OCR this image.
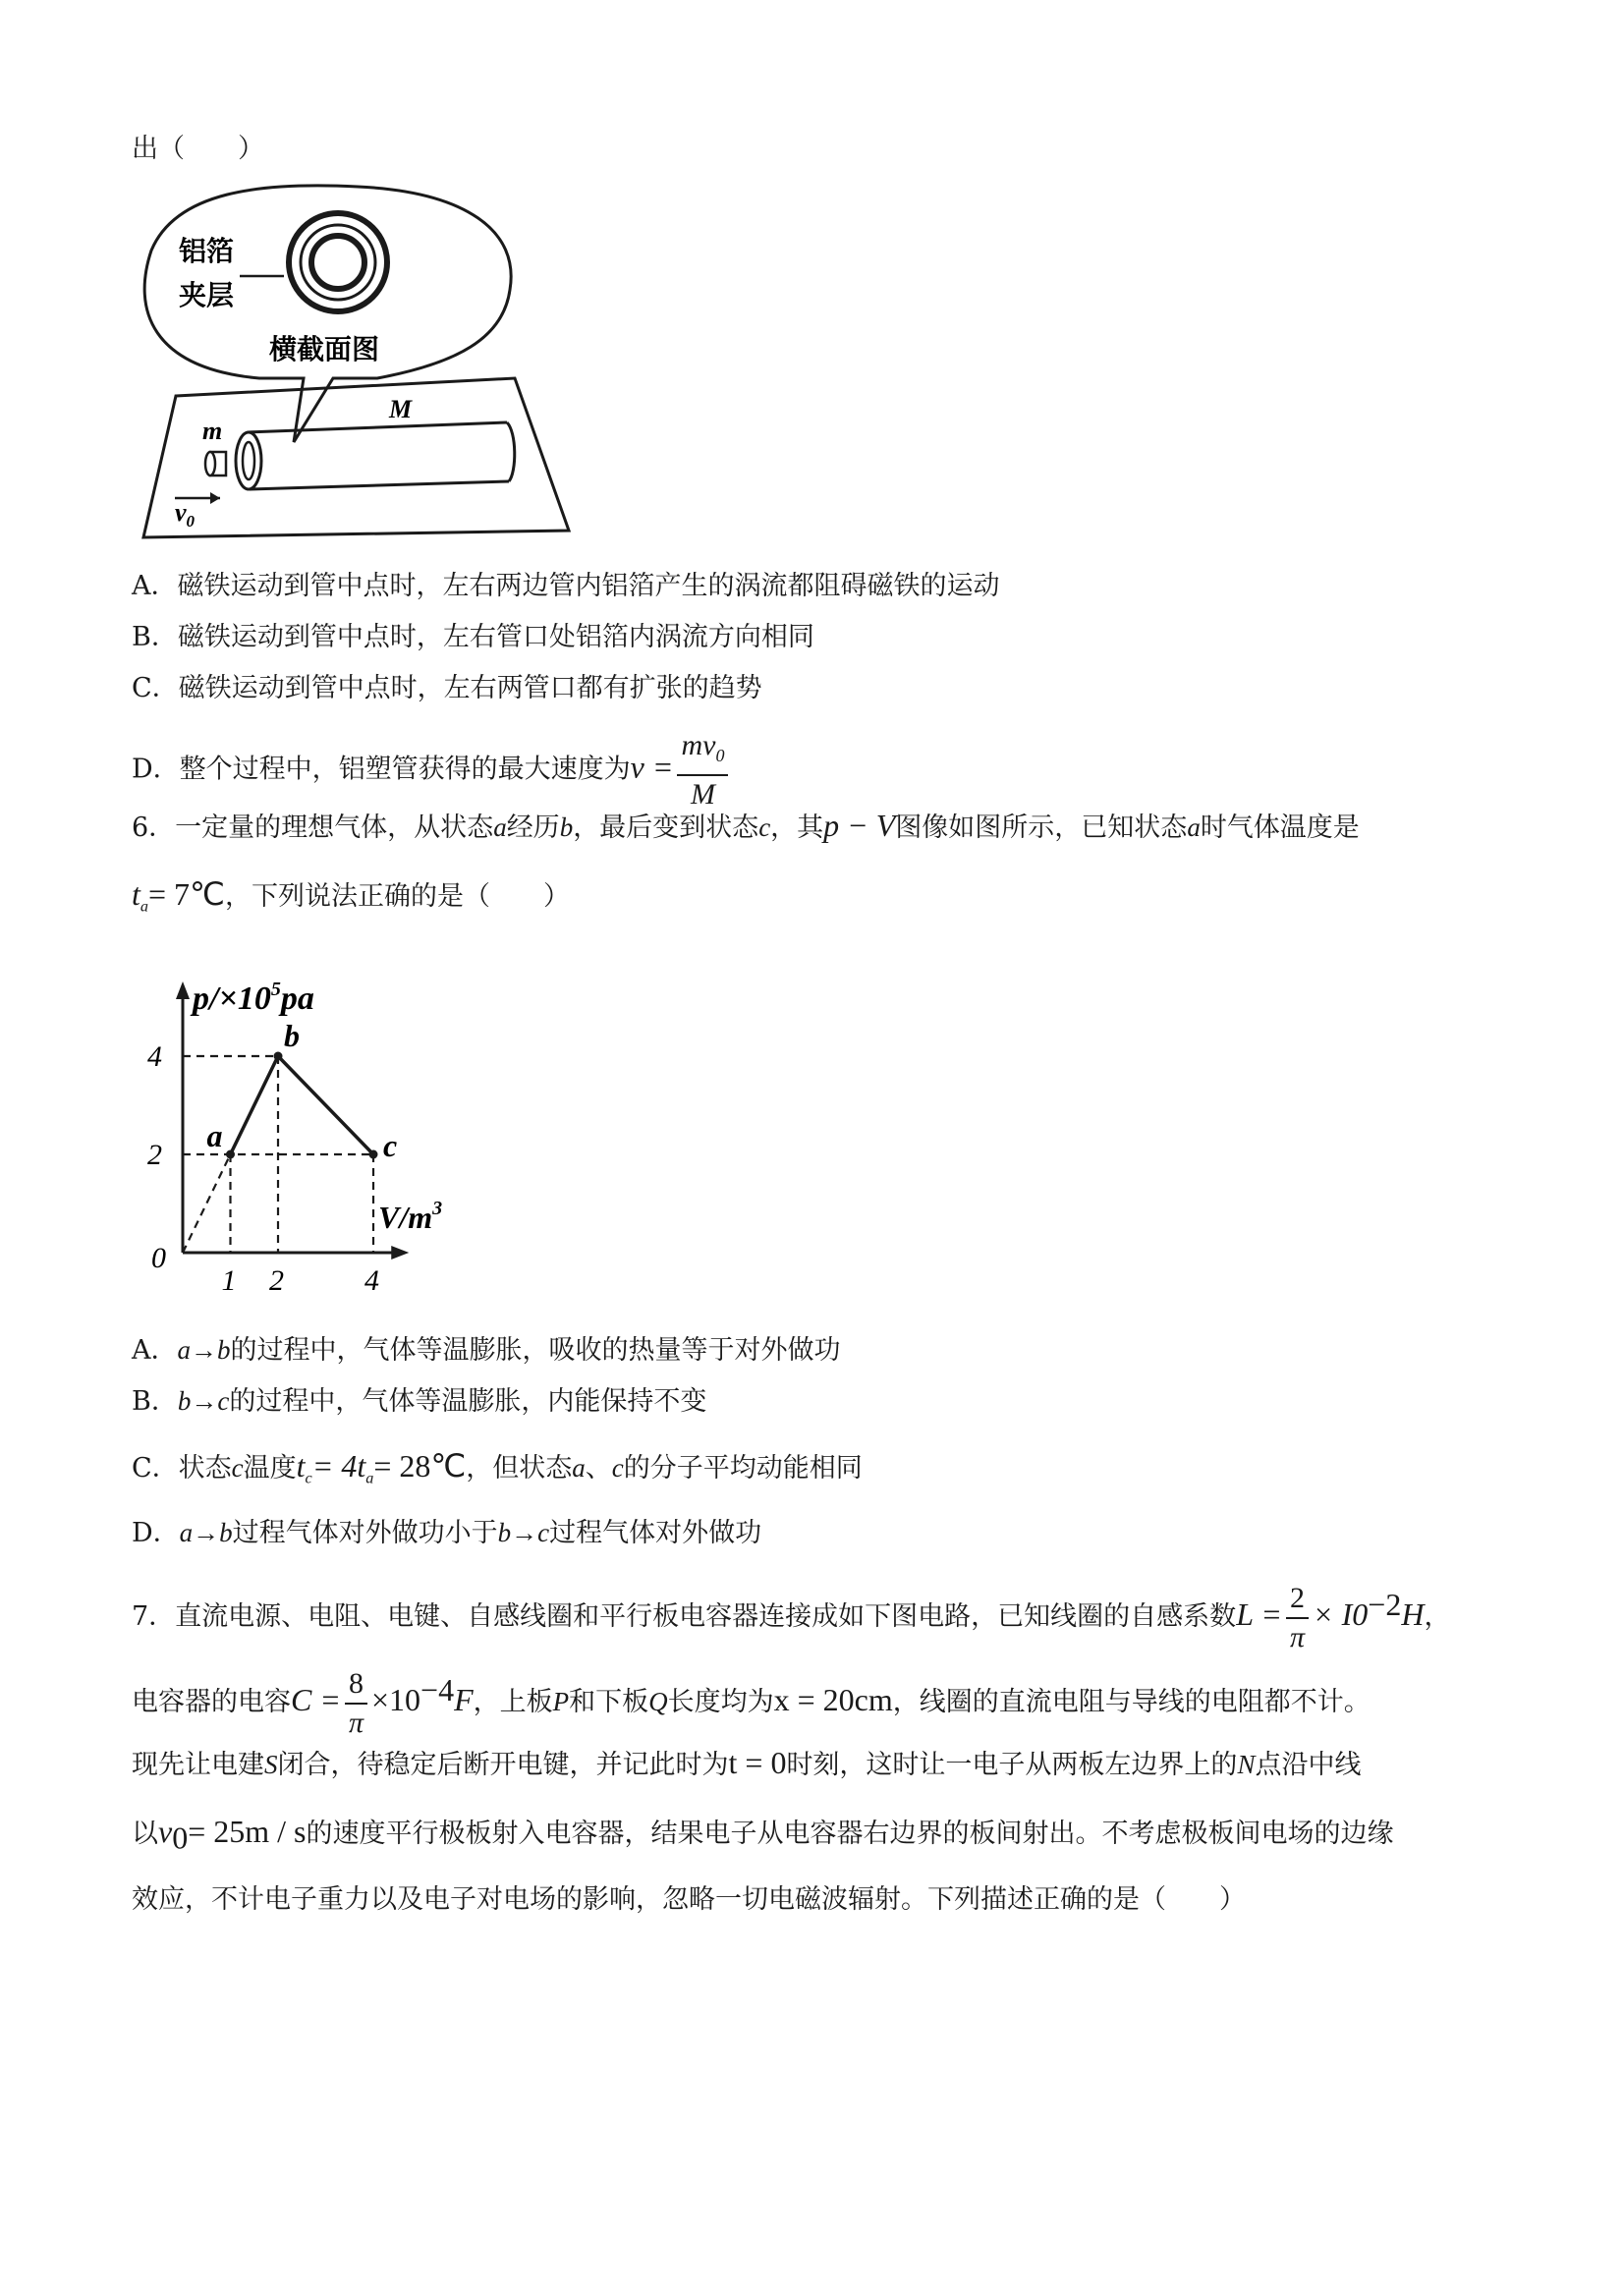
出（　　）
铝箔
夹层
横截面图
m
M
$v_0$
A．磁铁运动到管中点时，左右两边管内铝箔产生的涡流都阻碍磁铁的运动
B．磁铁运动到管中点时，左右管口处铝箔内涡流方向相同
C．磁铁运动到管中点时，左右两管口都有扩张的趋势
D．整个过程中，铝塑管获得的最大速度为$v = \frac{mv_0}{M}$
6．一定量的理想气体，从状态a经历b，最后变到状态c，其p − V图像如图所示，已知状态a时气体温度是
$t_a=$ 7℃，下列说法正确的是（　　）
$p/\times 10^5pa$
$V/m^3$
0
a
b
c
2
4
1 2	4
A．a→b的过程中，气体等温膨胀，吸收的热量等于对外做功
B．b→c的过程中，气体等温膨胀，内能保持不变
C．状态c温度$t_c= 4t_a=$ 28℃，但状态a、c的分子平均动能相同
D．a→b过程气体对外做功小于b→c过程气体对外做功
7．直流电源、电阻、电键、自感线圈和平行板电容器连接成如下图电路，已知线圈的自感系数$L = \frac{2}{\pi} \times I0^{-2}H$，
电容器的电容$C = \frac{8}{\pi} \times 10^{-4}F$，上板P和下板Q长度均为x = 20cm，线圈的直流电阻与导线的电阻都不计。
现先让电建S闭合，待稳定后断开电键，并记此时为t = 0时刻，这时让一电子从两板左边界上的N点沿中线
以$v_0= 25m / s$的速度平行极板射入电容器，结果电子从电容器右边界的板间射出。不考虑极板间电场的边缘
效应，不计电子重力以及电子对电场的影响，忽略一切电磁波辐射。下列描述正确的是（　　）
